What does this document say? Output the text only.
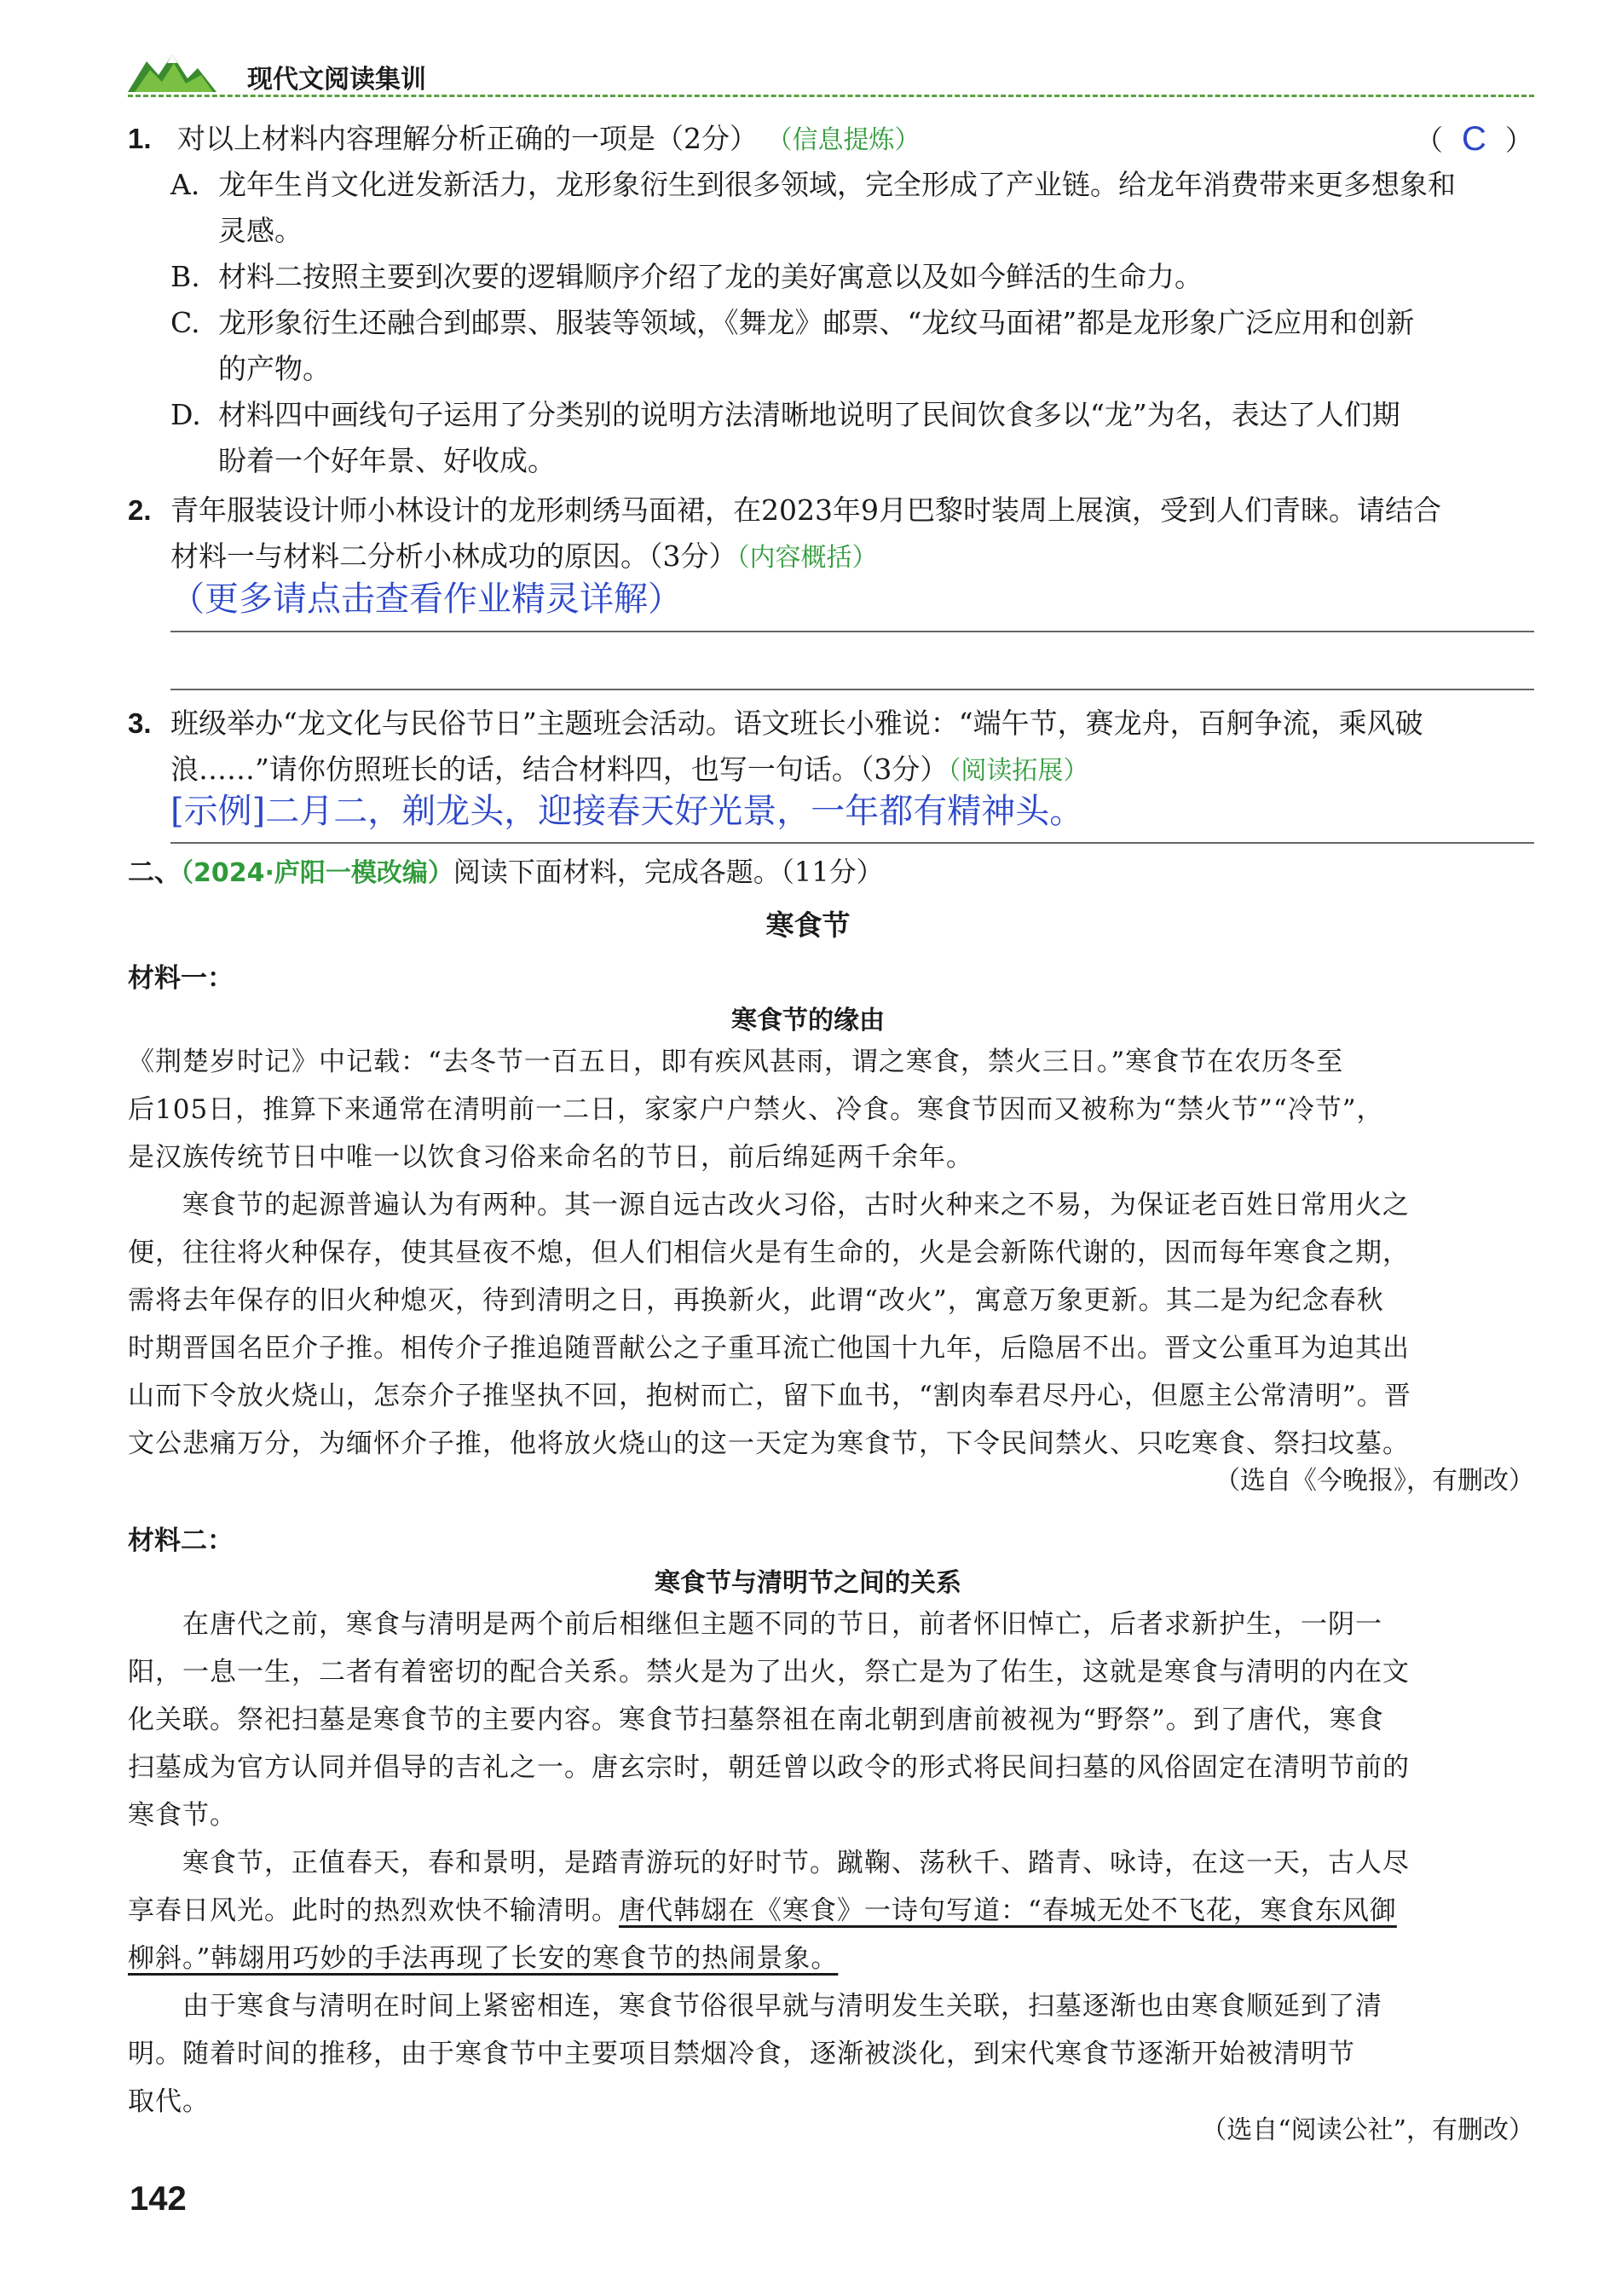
现代文阅读集训
1. 对以上材料内容理解分析正确的一项是（2分） （信息提炼）	（ C ）
A. 龙年生肖文化迸发新活力，龙形象衍生到很多领域，完全形成了产业链。给龙年消费带来更多想象和
灵感。
B. 材料二按照主要到次要的逻辑顺序介绍了龙的美好寓意以及如今鲜活的生命力。
C. 龙形象衍生还融合到邮票、服装等领域，《舞龙》邮票、“龙纹马面裙”都是龙形象广泛应用和创新
的产物。
D. 材料四中画线句子运用了分类别的说明方法清晰地说明了民间饮食多以“龙”为名，表达了人们期
盼着一个好年景、好收成。
2. 青年服装设计师小林设计的龙形刺绣马面裙，在2023年9月巴黎时装周上展演，受到人们青睐。请结合
材料一与材料二分析小林成功的原因。（3分）（内容概括）
（更多请点击查看作业精灵详解）
3. 班级举办“龙文化与民俗节日”主题班会活动。语文班长小雅说：“端午节，赛龙舟，百舸争流，乘风破
浪……”请你仿照班长的话，结合材料四，也写一句话。（3分）（阅读拓展）
[示例]二月二，剃龙头，迎接春天好光景，一年都有精神头。
二、（2024·庐阳一模改编）阅读下面材料，完成各题。（11分）
寒食节
材料一：
寒食节的缘由
《荆楚岁时记》中记载：“去冬节一百五日，即有疾风甚雨，谓之寒食，禁火三日。”寒食节在农历冬至
后105日，推算下来通常在清明前一二日，家家户户禁火、冷食。寒食节因而又被称为“禁火节”“冷节”，
是汉族传统节日中唯一以饮食习俗来命名的节日，前后绵延两千余年。
寒食节的起源普遍认为有两种。其一源自远古改火习俗，古时火种来之不易，为保证老百姓日常用火之
便，往往将火种保存，使其昼夜不熄，但人们相信火是有生命的，火是会新陈代谢的，因而每年寒食之期，
需将去年保存的旧火种熄灭，待到清明之日，再换新火，此谓“改火”，寓意万象更新。其二是为纪念春秋
时期晋国名臣介子推。相传介子推追随晋献公之子重耳流亡他国十九年，后隐居不出。晋文公重耳为迫其出
山而下令放火烧山，怎奈介子推坚执不回，抱树而亡，留下血书，“割肉奉君尽丹心，但愿主公常清明”。晋
文公悲痛万分，为缅怀介子推，他将放火烧山的这一天定为寒食节，下令民间禁火、只吃寒食、祭扫坟墓。
（选自《今晚报》，有删改）
材料二：
寒食节与清明节之间的关系
在唐代之前，寒食与清明是两个前后相继但主题不同的节日，前者怀旧悼亡，后者求新护生，一阴一
阳，一息一生，二者有着密切的配合关系。禁火是为了出火，祭亡是为了佑生，这就是寒食与清明的内在文
化关联。祭祀扫墓是寒食节的主要内容。寒食节扫墓祭祖在南北朝到唐前被视为“野祭”。到了唐代，寒食
扫墓成为官方认同并倡导的吉礼之一。唐玄宗时，朝廷曾以政令的形式将民间扫墓的风俗固定在清明节前的
寒食节。
寒食节，正值春天，春和景明，是踏青游玩的好时节。蹴鞠、荡秋千、踏青、咏诗，在这一天，古人尽
享春日风光。此时的热烈欢快不输清明。唐代韩翃在《寒食》一诗句写道：“春城无处不飞花，寒食东风御
柳斜。”韩翃用巧妙的手法再现了长安的寒食节的热闹景象。
由于寒食与清明在时间上紧密相连，寒食节俗很早就与清明发生关联，扫墓逐渐也由寒食顺延到了清
明。随着时间的推移，由于寒食节中主要项目禁烟冷食，逐渐被淡化，到宋代寒食节逐渐开始被清明节
取代。
（选自“阅读公社”，有删改）
142
